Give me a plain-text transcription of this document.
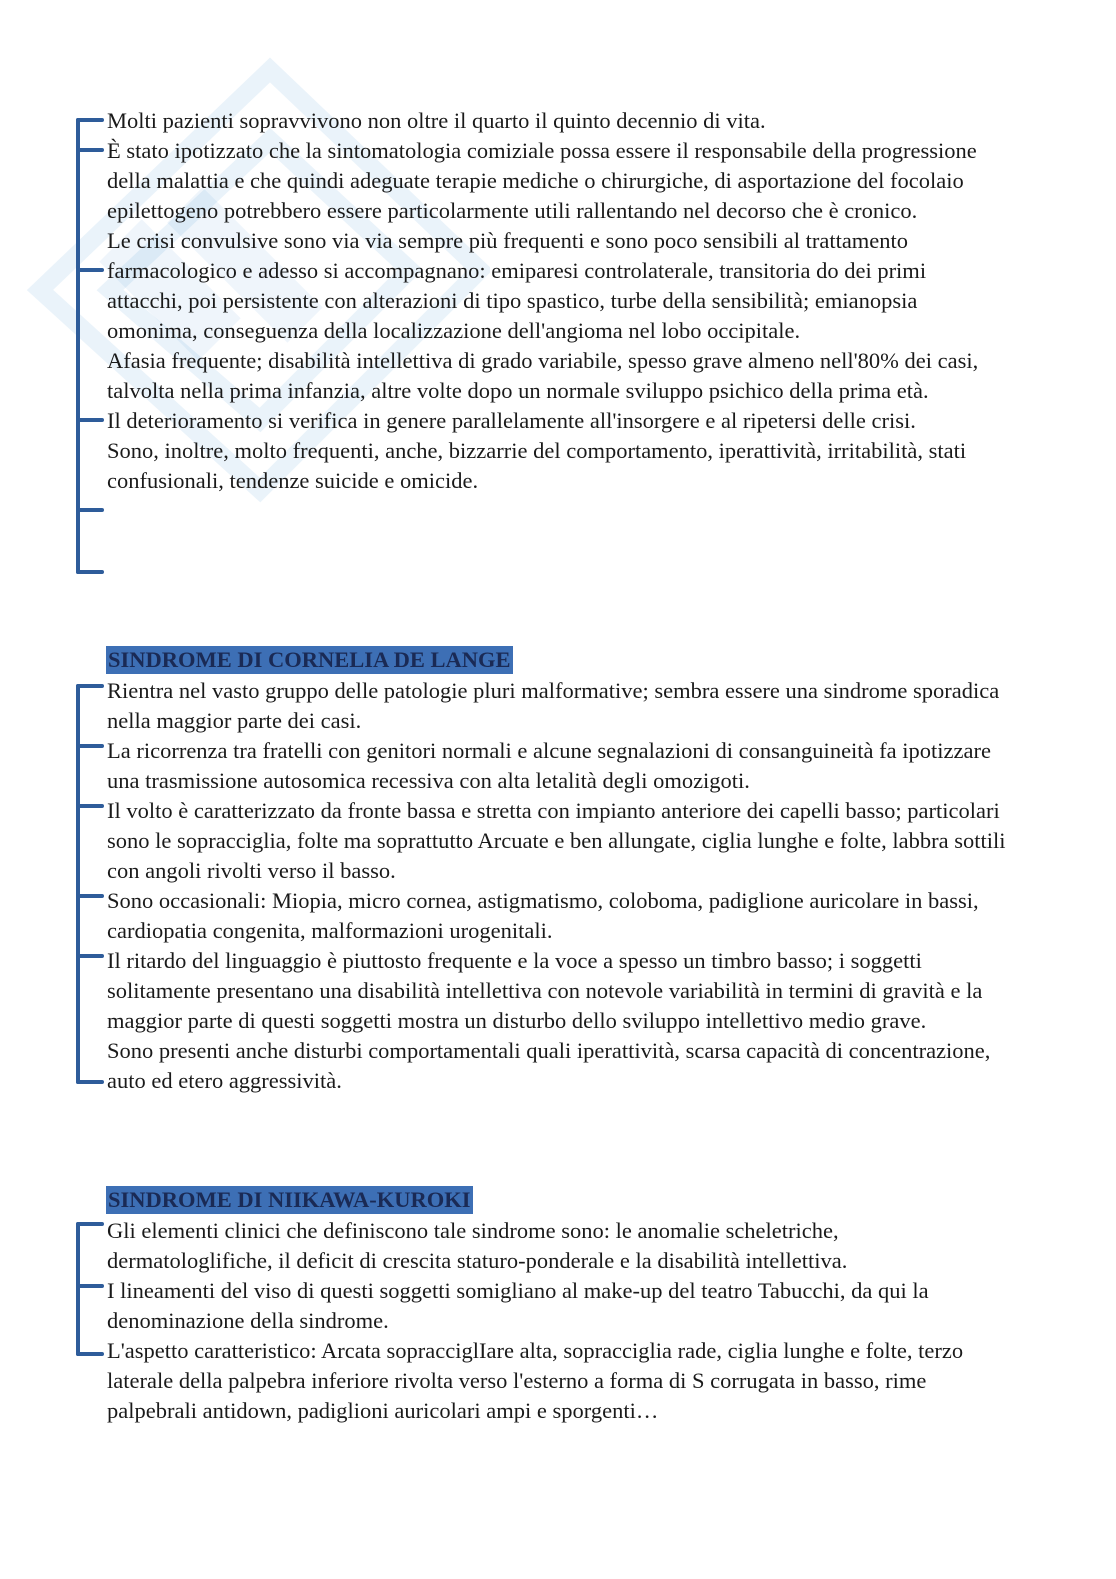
Molti pazienti sopravvivono non oltre il quarto il quinto decennio di vita.

È stato ipotizzato che la sintomatologia comiziale possa essere il responsabile della progressione della malattia e che quindi adeguate terapie mediche o chirurgiche, di asportazione del focolaio epilettogeno potrebbero essere particolarmente utili rallentando nel decorso che è cronico.

Le crisi convulsive sono via via sempre più frequenti e sono poco sensibili al trattamento farmacologico e adesso si accompagnano: emiparesi controlaterale, transitoria do dei primi attacchi, poi persistente con alterazioni di tipo spastico, turbe della sensibilità; emianopsia omonima, conseguenza della localizzazione dell'angioma nel lobo occipitale.

Afasia frequente; disabilità intellettiva di grado variabile, spesso grave almeno nell'80% dei casi, talvolta nella prima infanzia, altre volte dopo un normale sviluppo psichico della prima età.

Il deterioramento si verifica in genere parallelamente all'insorgere e al ripetersi delle crisi.

Sono, inoltre, molto frequenti, anche, bizzarrie del comportamento, iperattività, irritabilità, stati confusionali, tendenze suicide e omicide.

SINDROME DI CORNELIA DE LANGE

Rientra nel vasto gruppo delle patologie pluri malformative; sembra essere una sindrome sporadica nella maggior parte dei casi.

La ricorrenza tra fratelli con genitori normali e alcune segnalazioni di consanguineità fa ipotizzare una trasmissione autosomica recessiva con alta letalità degli omozigoti.

Il volto è caratterizzato da fronte bassa e stretta con impianto anteriore dei capelli basso; particolari sono le sopracciglia, folte ma soprattutto Arcuate e ben allungate, ciglia lunghe e folte, labbra sottili con angoli rivolti verso il basso.

Sono occasionali: Miopia, micro cornea, astigmatismo, coloboma, padiglione auricolare in bassi, cardiopatia congenita, malformazioni urogenitali.

Il ritardo del linguaggio è piuttosto frequente e la voce a spesso un timbro basso; i soggetti solitamente presentano una disabilità intellettiva con notevole variabilità in termini di gravità e la maggior parte di questi soggetti mostra un disturbo dello sviluppo intellettivo medio grave.

Sono presenti anche disturbi comportamentali quali iperattività, scarsa capacità di concentrazione, auto ed etero aggressività.

SINDROME DI NIIKAWA-KUROKI

Gli elementi clinici che definiscono tale sindrome sono: le anomalie scheletriche, dermatologlifiche, il deficit di crescita staturo-ponderale e la disabilità intellettiva.

I lineamenti del viso di questi soggetti somigliano al make-up del teatro Tabucchi, da qui la denominazione della sindrome.

L'aspetto caratteristico: Arcata sopracciglIare alta, sopracciglia rade, ciglia lunghe e folte, terzo laterale della palpebra inferiore rivolta verso l'esterno a forma di S corrugata in basso, rime palpebrali antidown, padiglioni auricolari ampi e sporgenti…
